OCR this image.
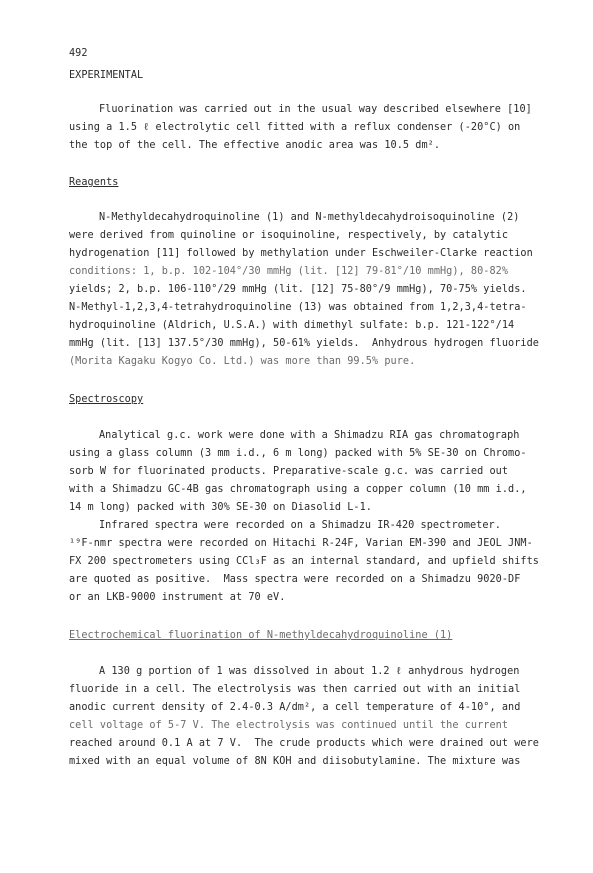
492
EXPERIMENTAL
Fluorination was carried out in the usual way described elsewhere [10]
using a 1.5 ℓ electrolytic cell fitted with a reflux condenser (-20°C) on
the top of the cell. The effective anodic area was 10.5 dm².
Reagents
N-Methyldecahydroquinoline (1) and N-methyldecahydroisoquinoline (2)
were derived from quinoline or isoquinoline, respectively, by catalytic
hydrogenation [11] followed by methylation under Eschweiler-Clarke reaction
conditions: 1, b.p. 102-104°/30 mmHg (lit. [12] 79-81°/10 mmHg), 80-82%
yields; 2, b.p. 106-110°/29 mmHg (lit. [12] 75-80°/9 mmHg), 70-75% yields.
N-Methyl-1,2,3,4-tetrahydroquinoline (13) was obtained from 1,2,3,4-tetra-
hydroquinoline (Aldrich, U.S.A.) with dimethyl sulfate: b.p. 121-122°/14
mmHg (lit. [13] 137.5°/30 mmHg), 50-61% yields.  Anhydrous hydrogen fluoride
(Morita Kagaku Kogyo Co. Ltd.) was more than 99.5% pure.
Spectroscopy
Analytical g.c. work were done with a Shimadzu RIA gas chromatograph
using a glass column (3 mm i.d., 6 m long) packed with 5% SE-30 on Chromo-
sorb W for fluorinated products. Preparative-scale g.c. was carried out
with a Shimadzu GC-4B gas chromatograph using a copper column (10 mm i.d.,
14 m long) packed with 30% SE-30 on Diasolid L-1.
Infrared spectra were recorded on a Shimadzu IR-420 spectrometer.
¹⁹F-nmr spectra were recorded on Hitachi R-24F, Varian EM-390 and JEOL JNM-
FX 200 spectrometers using CCl₃F as an internal standard, and upfield shifts
are quoted as positive.  Mass spectra were recorded on a Shimadzu 9020-DF
or an LKB-9000 instrument at 70 eV.
Electrochemical fluorination of N-methyldecahydroquinoline (1)
A 130 g portion of 1 was dissolved in about 1.2 ℓ anhydrous hydrogen
fluoride in a cell. The electrolysis was then carried out with an initial
anodic current density of 2.4-0.3 A/dm², a cell temperature of 4-10°, and
cell voltage of 5-7 V. The electrolysis was continued until the current
reached around 0.1 A at 7 V.  The crude products which were drained out were
mixed with an equal volume of 8N KOH and diisobutylamine. The mixture was
